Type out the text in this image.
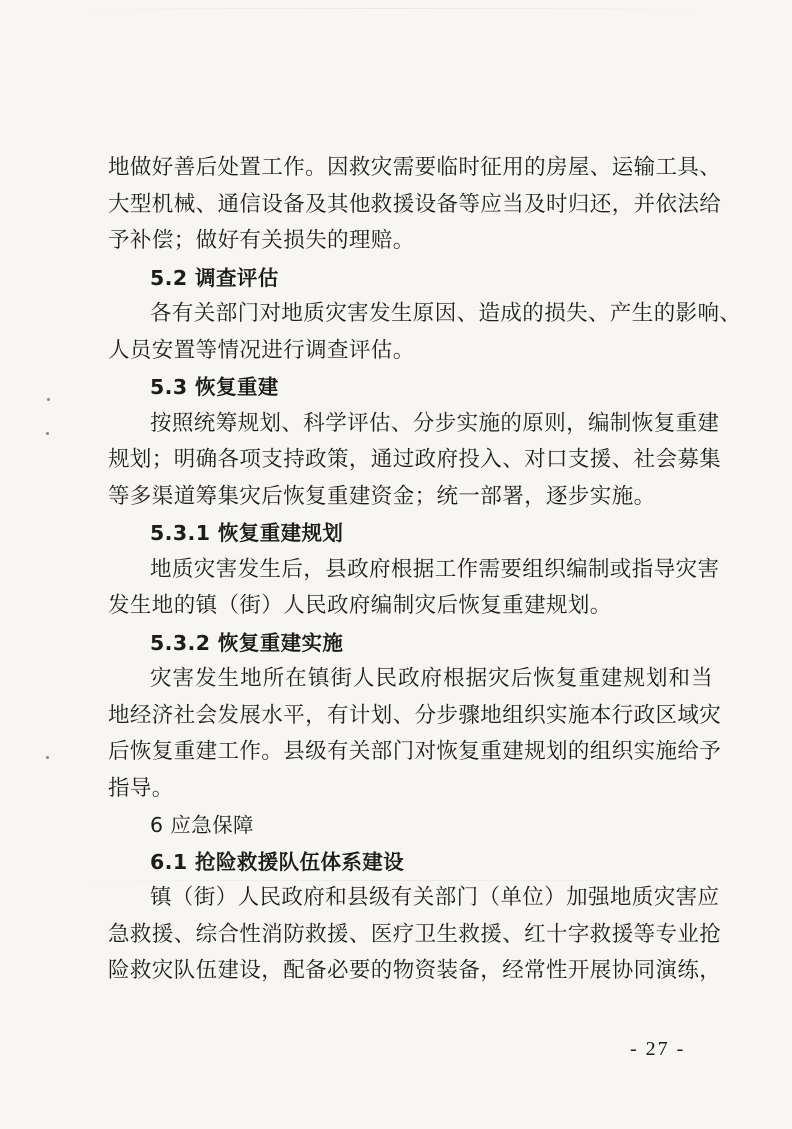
地做好善后处置工作。因救灾需要临时征用的房屋、运输工具、
大型机械、通信设备及其他救援设备等应当及时归还，并依法给
予补偿；做好有关损失的理赔。
5.2 调查评估
各有关部门对地质灾害发生原因、造成的损失、产生的影响、
人员安置等情况进行调查评估。
5.3 恢复重建
按照统筹规划、科学评估、分步实施的原则，编制恢复重建
规划；明确各项支持政策，通过政府投入、对口支援、社会募集
等多渠道筹集灾后恢复重建资金；统一部署，逐步实施。
5.3.1 恢复重建规划
地质灾害发生后，县政府根据工作需要组织编制或指导灾害
发生地的镇（街）人民政府编制灾后恢复重建规划。
5.3.2 恢复重建实施
灾害发生地所在镇街人民政府根据灾后恢复重建规划和当
地经济社会发展水平，有计划、分步骤地组织实施本行政区域灾
后恢复重建工作。县级有关部门对恢复重建规划的组织实施给予
指导。
6 应急保障
6.1 抢险救援队伍体系建设
镇（街）人民政府和县级有关部门（单位）加强地质灾害应
急救援、综合性消防救援、医疗卫生救援、红十字救援等专业抢
险救灾队伍建设，配备必要的物资装备，经常性开展协同演练，
- 27 -
